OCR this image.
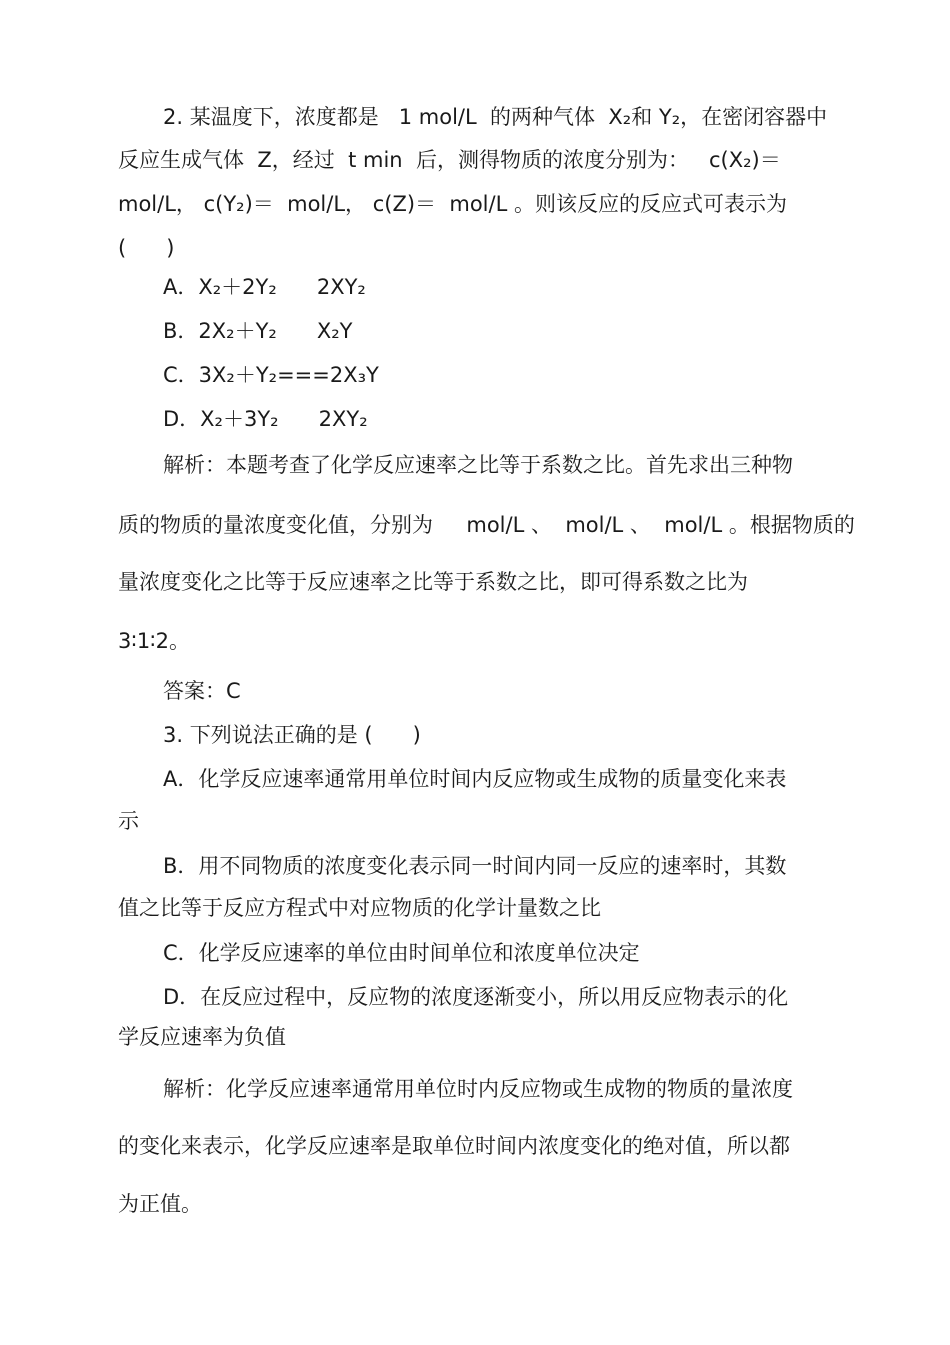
2. 某温度下，浓度都是   1 mol/L  的两种气体  X₂和 Y₂，在密闭容器中
反应生成气体  Z，经过  t min  后，测得物质的浓度分别为：   c(X₂)＝
mol/L， c(Y₂)＝  mol/L， c(Z)＝  mol/L 。则该反应的反应式可表示为
(      )
A．X₂＋2Y₂      2XY₂
B．2X₂＋Y₂      X₂Y
C．3X₂＋Y₂===2X₃Y
D．X₂＋3Y₂      2XY₂
解析：本题考查了化学反应速率之比等于系数之比。首先求出三种物
质的物质的量浓度变化值，分别为     mol/L 、  mol/L 、  mol/L 。根据物质的
量浓度变化之比等于反应速率之比等于系数之比，即可得系数之比为
3∶1∶2。
答案：C
3. 下列说法正确的是 (      )
A．化学反应速率通常用单位时间内反应物或生成物的质量变化来表
示
B．用不同物质的浓度变化表示同一时间内同一反应的速率时，其数
值之比等于反应方程式中对应物质的化学计量数之比
C．化学反应速率的单位由时间单位和浓度单位决定
D．在反应过程中，反应物的浓度逐渐变小，所以用反应物表示的化
学反应速率为负值
解析：化学反应速率通常用单位时内反应物或生成物的物质的量浓度
的变化来表示，化学反应速率是取单位时间内浓度变化的绝对值，所以都
为正值。
